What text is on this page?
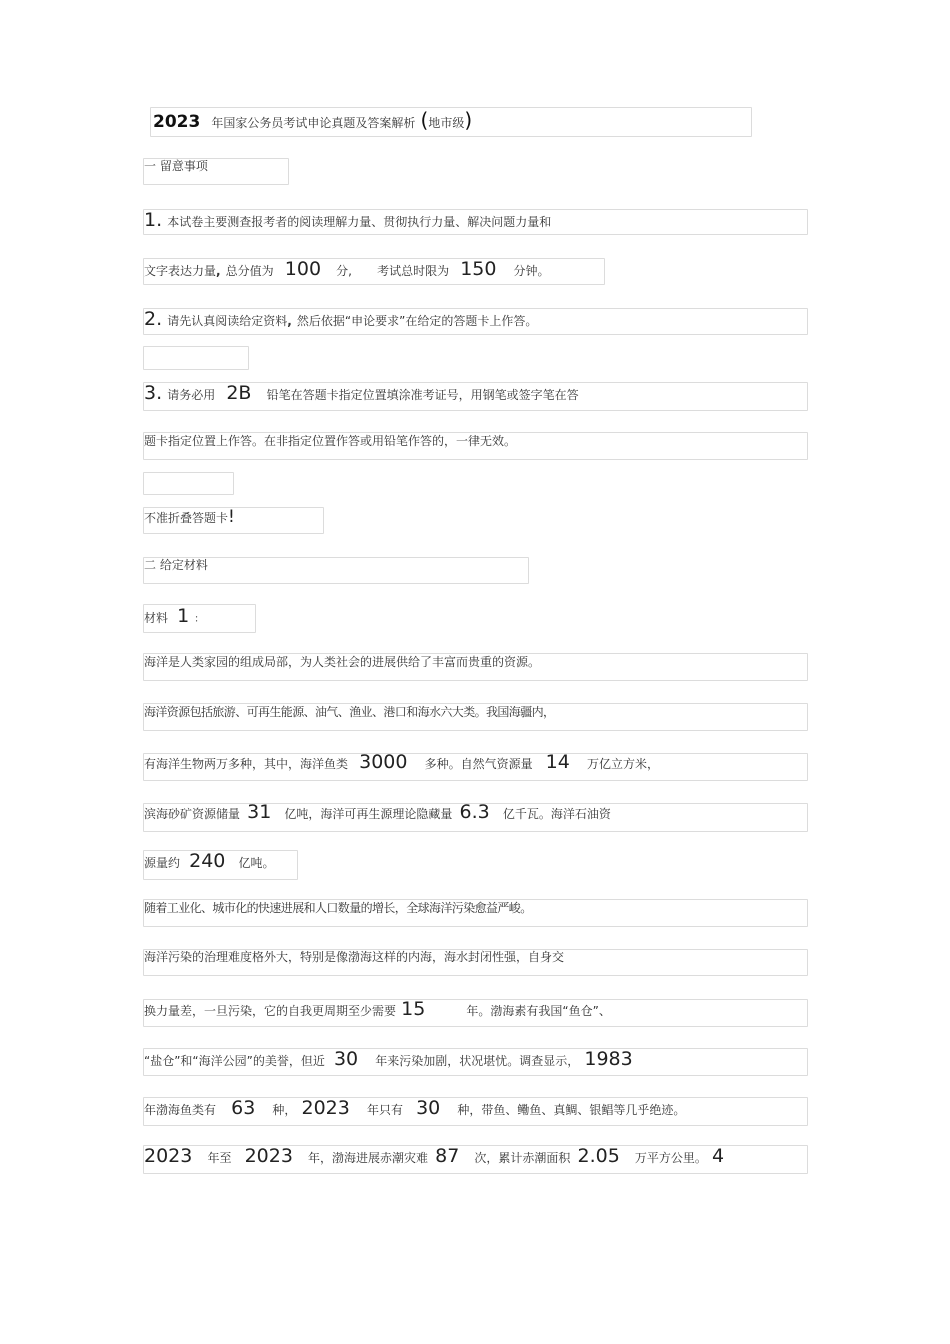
2023 年国家公务员考试申论真题及答案解析 (地市级)
一 留意事项
1. 本试卷主要测查报考者的阅读理解力量、贯彻执行力量、解决问题力量和
文字表达力量, 总分值为 100 分, 考试总时限为 150 分钟。
2. 请先认真阅读给定资料, 然后依据“申论要求”在给定的答题卡上作答。
3. 请务必用 2B 铅笔在答题卡指定位置填涂准考证号，用钢笔或签字笔在答
题卡指定位置上作答。在非指定位置作答或用铅笔作答的，一律无效。
不准折叠答题卡!
二 给定材料
材料 1 ：
海洋是人类家园的组成局部，为人类社会的进展供给了丰富而贵重的资源。
海洋资源包括旅游、可再生能源、油气、渔业、港口和海水六大类。我国海疆内，
有海洋生物两万多种，其中，海洋鱼类 3000 多种。自然气资源量 14 万亿立方米，
滨海砂矿资源储量 31 亿吨，海洋可再生源理论隐藏量 6.3 亿千瓦。海洋石油资
源量约 240 亿吨。
随着工业化、城市化的快速进展和人口数量的增长，全球海洋污染愈益严峻。
海洋污染的治理难度格外大，特别是像渤海这样的内海，海水封闭性强，自身交
换力量差，一旦污染，它的自我更周期至少需要 15	年。渤海素有我国“鱼仓”、
“盐仓”和“海洋公园”的美誉，但近 30 年来污染加剧，状况堪忧。调查显示， 1983
年渤海鱼类有 63 种， 2023 年只有 30 种，带鱼、鳓鱼、真鲷、银鲳等几乎绝迹。
2023 年至 2023 年，渤海进展赤潮灾难 87 次，累计赤潮面积 2.05 万平方公里。 4
